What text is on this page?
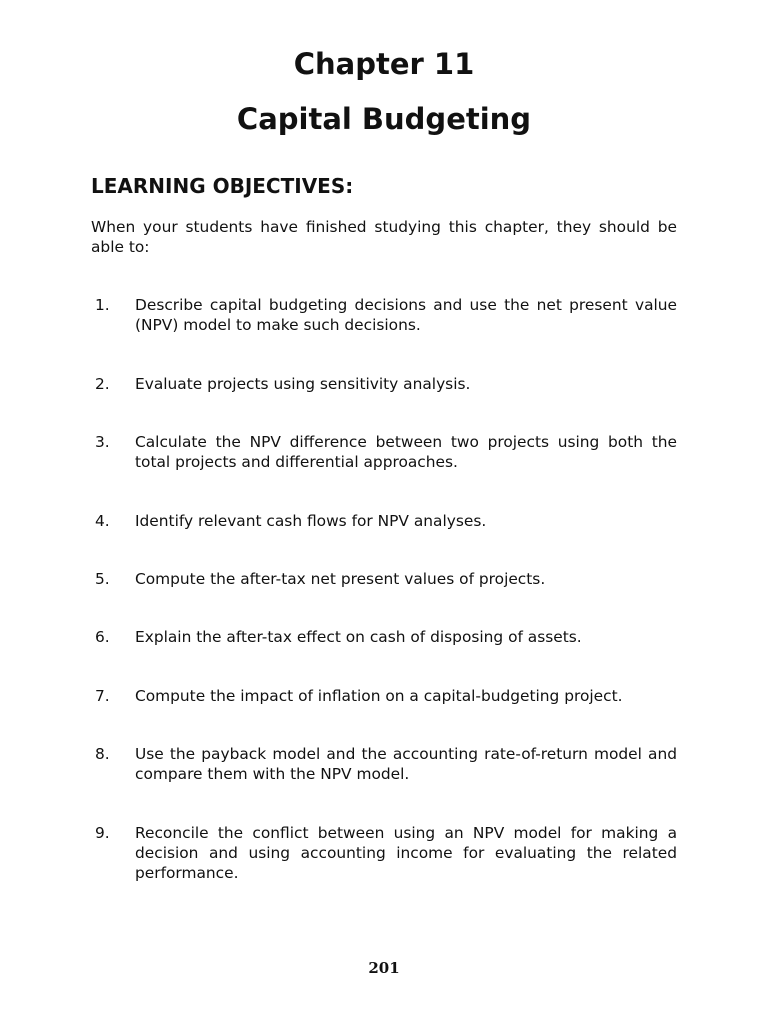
Chapter 11
Capital Budgeting
LEARNING OBJECTIVES:

When your students have finished studying this chapter, they should be able to:

1.	Describe capital budgeting decisions and use the net present value (NPV) model to make such decisions.
2.	Evaluate projects using sensitivity analysis.
3.	Calculate the NPV difference between two projects using both the total projects and differential approaches.
4.	Identify relevant cash flows for NPV analyses.
5.	Compute the after-tax net present values of projects.
6.	Explain the after-tax effect on cash of disposing of assets.
7.	Compute the impact of inflation on a capital-budgeting project.
8.	Use the payback model and the accounting rate-of-return model and compare them with the NPV model.
9.	Reconcile the conflict between using an NPV model for making a decision and using accounting income for evaluating the related performance.
201
